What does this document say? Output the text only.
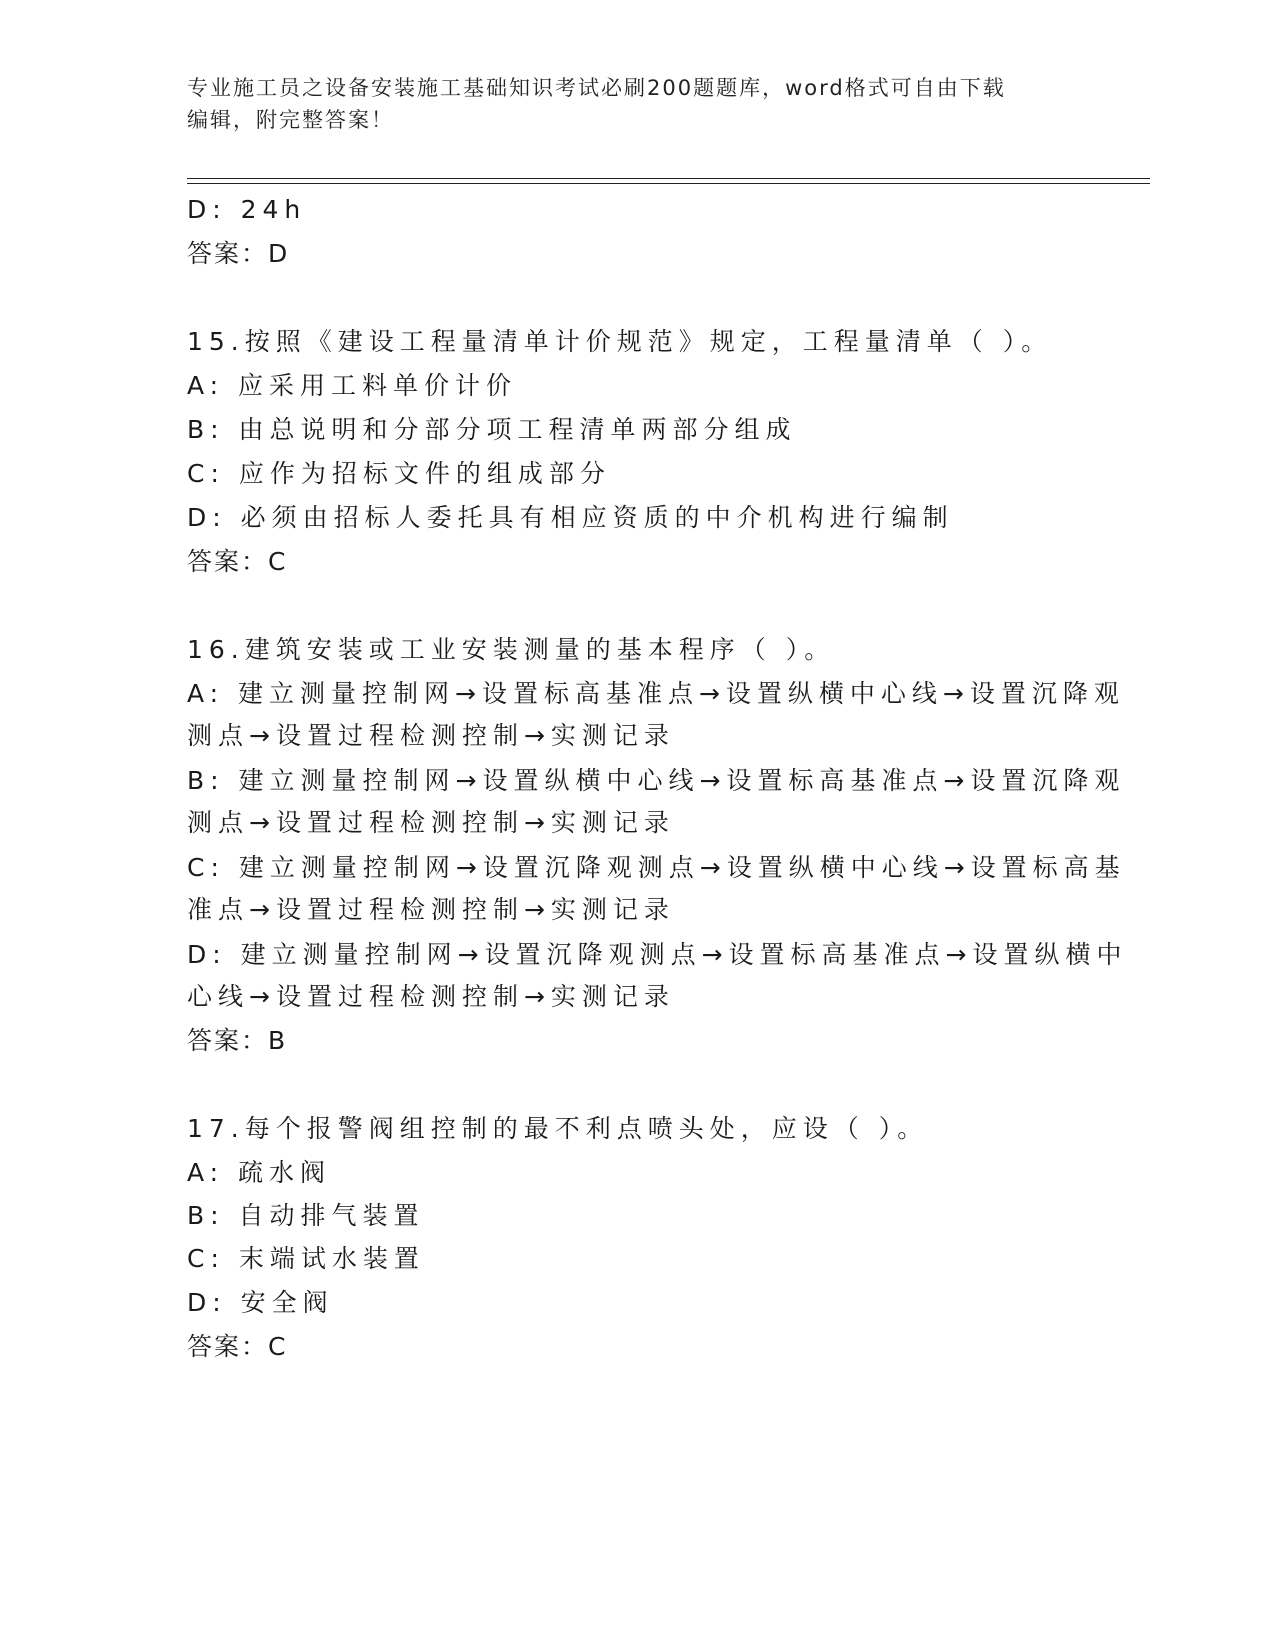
专业施工员之设备安装施工基础知识考试必刷200题题库，word格式可自由下载
编辑，附完整答案！
D: 24h
答案：D
15.按照《建设工程量清单计价规范》规定，工程量清单（ ）。
A: 应采用工料单价计价
B: 由总说明和分部分项工程清单两部分组成
C: 应作为招标文件的组成部分
D: 必须由招标人委托具有相应资质的中介机构进行编制
答案：C
16.建筑安装或工业安装测量的基本程序（ ）。
A: 建立测量控制网→设置标高基准点→设置纵横中心线→设置沉降观
测点→设置过程检测控制→实测记录
B: 建立测量控制网→设置纵横中心线→设置标高基准点→设置沉降观
测点→设置过程检测控制→实测记录
C: 建立测量控制网→设置沉降观测点→设置纵横中心线→设置标高基
准点→设置过程检测控制→实测记录
D: 建立测量控制网→设置沉降观测点→设置标高基准点→设置纵横中
心线→设置过程检测控制→实测记录
答案：B
17.每个报警阀组控制的最不利点喷头处，应设（ ）。
A: 疏水阀
B: 自动排气装置
C: 末端试水装置
D: 安全阀
答案：C
